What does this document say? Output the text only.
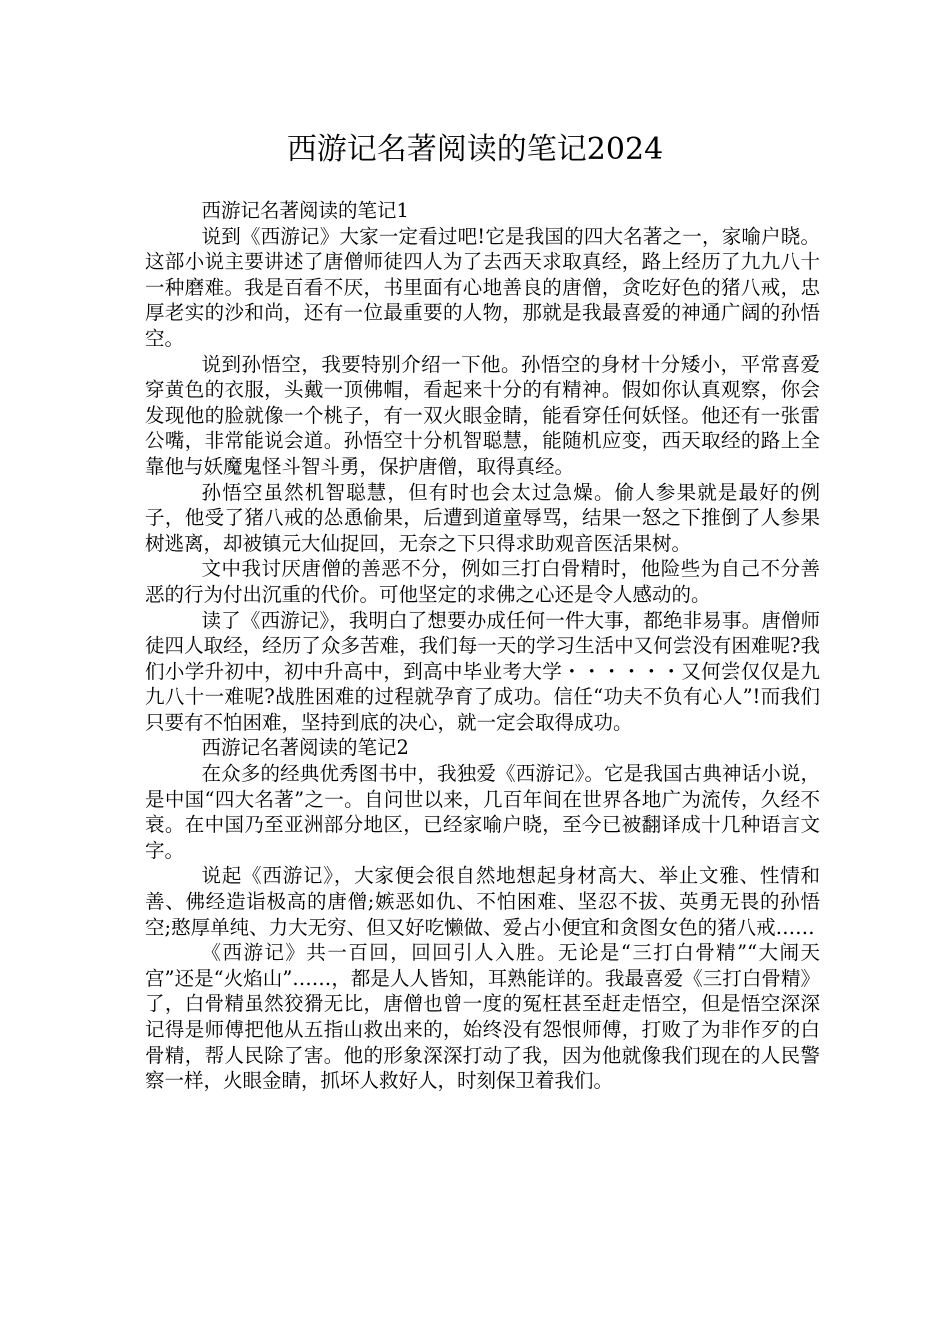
西游记名著阅读的笔记2024

西游记名著阅读的笔记1

说到《西游记》大家一定看过吧!它是我国的四大名著之一，家喻户晓。这部小说主要讲述了唐僧师徒四人为了去西天求取真经，路上经历了九九八十一种磨难。我是百看不厌，书里面有心地善良的唐僧，贪吃好色的猪八戒，忠厚老实的沙和尚，还有一位最重要的人物，那就是我最喜爱的神通广阔的孙悟空。

说到孙悟空，我要特别介绍一下他。孙悟空的身材十分矮小，平常喜爱穿黄色的衣服，头戴一顶佛帽，看起来十分的有精神。假如你认真观察，你会发现他的脸就像一个桃子，有一双火眼金睛，能看穿任何妖怪。他还有一张雷公嘴，非常能说会道。孙悟空十分机智聪慧，能随机应变，西天取经的路上全靠他与妖魔鬼怪斗智斗勇，保护唐僧，取得真经。

孙悟空虽然机智聪慧，但有时也会太过急燥。偷人参果就是最好的例子，他受了猪八戒的怂恿偷果，后遭到道童辱骂，结果一怒之下推倒了人参果树逃离，却被镇元大仙捉回，无奈之下只得求助观音医活果树。

文中我讨厌唐僧的善恶不分，例如三打白骨精时，他险些为自己不分善恶的行为付出沉重的代价。可他坚定的求佛之心还是令人感动的。

读了《西游记》，我明白了想要办成任何一件大事，都绝非易事。唐僧师徒四人取经，经历了众多苦难，我们每一天的学习生活中又何尝没有困难呢?我们小学升初中，初中升高中，到高中毕业考大学・・・・・・又何尝仅仅是九九八十一难呢?战胜困难的过程就孕育了成功。信任“功夫不负有心人”!而我们只要有不怕困难，坚持到底的决心，就一定会取得成功。

西游记名著阅读的笔记2

在众多的经典优秀图书中，我独爱《西游记》。它是我国古典神话小说，是中国“四大名著”之一。自问世以来，几百年间在世界各地广为流传，久经不衰。在中国乃至亚洲部分地区，已经家喻户晓，至今已被翻译成十几种语言文字。

说起《西游记》，大家便会很自然地想起身材高大、举止文雅、性情和善、佛经造诣极高的唐僧;嫉恶如仇、不怕困难、坚忍不拔、英勇无畏的孙悟空;憨厚单纯、力大无穷、但又好吃懒做、爱占小便宜和贪图女色的猪八戒……

《西游记》共一百回，回回引人入胜。无论是“三打白骨精”“大闹天宫”还是“火焰山”……，都是人人皆知，耳熟能详的。我最喜爱《三打白骨精》了，白骨精虽然狡猾无比，唐僧也曾一度的冤枉甚至赶走悟空，但是悟空深深记得是师傅把他从五指山救出来的，始终没有怨恨师傅，打败了为非作歹的白骨精，帮人民除了害。他的形象深深打动了我，因为他就像我们现在的人民警察一样，火眼金睛，抓坏人救好人，时刻保卫着我们。
